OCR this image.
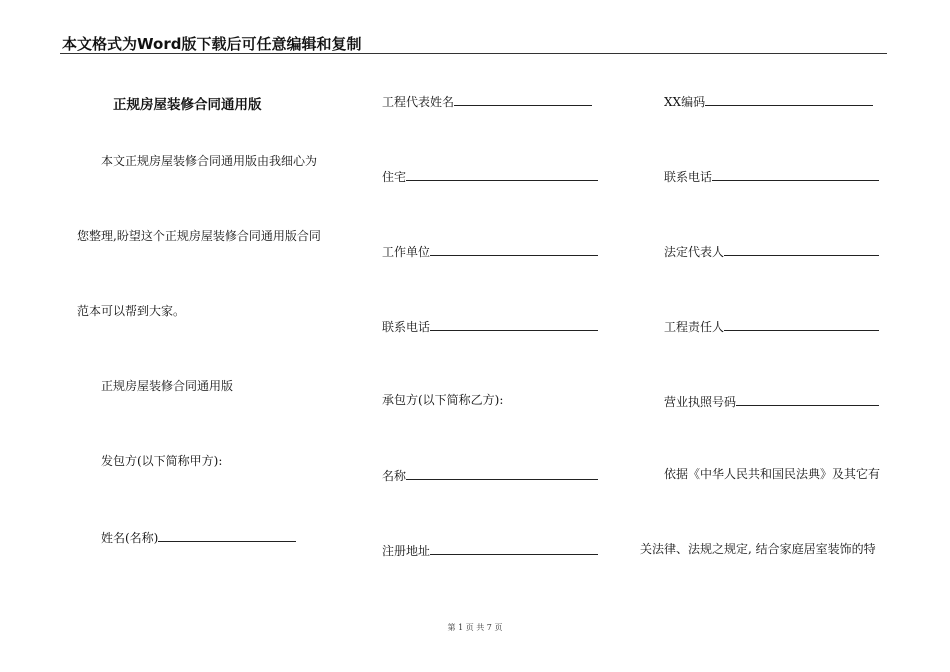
本文格式为Word版下载后可任意编辑和复制
正规房屋装修合同通用版
本文正规房屋装修合同通用版由我细心为
您整理,盼望这个正规房屋装修合同通用版合同
范本可以帮到大家。
正规房屋装修合同通用版
发包方(以下简称甲方):
姓名(名称)
工程代表姓名
住宅
工作单位
联系电话
承包方(以下简称乙方):
名称
注册地址
XX编码
联系电话
法定代表人
工程责任人
营业执照号码
依据《中华人民共和国民法典》及其它有
关法律、法规之规定, 结合家庭居室装饰的特
第 1 页 共 7 页
